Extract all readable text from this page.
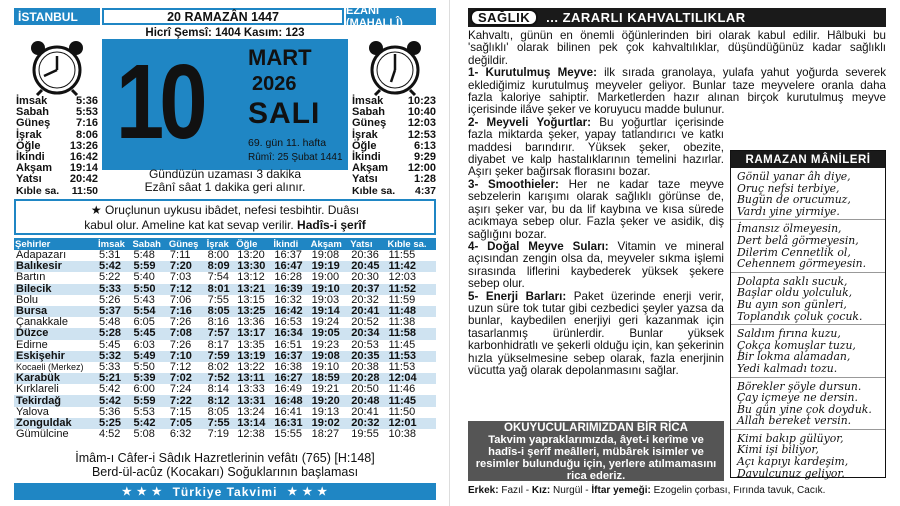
İSTANBUL	20 RAMAZÂN 1447	EZÂNÎ (MAHALLÎ)
Hicrî Şemsî: 1404 Kasım: 123
İmsak	5:36
Sabah 5:53
Güneş 7:16
İşrak	8:06
Öğle	13:26
İkindi 16:42
Akşam 19:14
Yatsı	20:42
Kıble sa. 11:50
İmsak 10:23
Sabah 10:40
Güneş 12:03
İşrak	12:53
Öğle	6:13
İkindi	9:29
Akşam 12:00
Yatsı	1:28
Kıble sa. 4:37
10	MART
2026
SALI
69. gün 11. hafta
Rûmî: 25 Şubat 1441
Gündüzün uzaması 3 dakika
Ezânî sâat 1 dakika geri alınır.
★ Oruçlunun uykusu ibâdet, nefesi tesbihtir. Duâsı
kabul olur. Ameline kat kat sevap verilir. Hadîs-i şerîf
Şehirler	İmsak	Sabah	Güneş	İşrak	Öğle	İkindi	Akşam	Yatsı	Kıble sa.
Adapazarı	5:31	5:48	7:11	8:00	13:20	16:37	19:08	20:36	11:55
Balıkesir	5:42	5:59	7:20	8:09	13:30	16:47	19:19	20:45	11:42
Bartın	5:22	5:40	7:03	7:54	13:12	16:28	19:00	20:30	12:03
Bilecik	5:33	5:50	7:12	8:01	13:21	16:39	19:10	20:37	11:52
Bolu	5:26	5:43	7:06	7:55	13:15	16:32	19:03	20:32	11:59
Bursa	5:37	5:54	7:16	8:05	13:25	16:42	19:14	20:41	11:48
Çanakkale	5:48	6:05	7:26	8:16	13:36	16:53	19:24	20:52	11:38
Düzce	5:28	5:45	7:08	7:57	13:17	16:34	19:05	20:34	11:58
Edirne	5:45	6:03	7:26	8:17	13:35	16:51	19:23	20:53	11:45
Eskişehir	5:32	5:49	7:10	7:59	13:19	16:37	19:08	20:35	11:53
Kocaeli (Merkez)	5:33	5:50	7:12	8:02	13:22	16:38	19:10	20:38	11:53
Karabük	5:21	5:39	7:02	7:52	13:11	16:27	18:59	20:28	12:04
Kırklareli	5:42	6:00	7:24	8:14	13:33	16:49	19:21	20:50	11:46
Tekirdağ	5:42	5:59	7:22	8:12	13:31	16:48	19:20	20:48	11:45
Yalova	5:36	5:53	7:15	8:05	13:24	16:41	19:13	20:41	11:50
Zonguldak	5:25	5:42	7:05	7:55	13:14	16:31	19:02	20:32	12:01
Gümülcine	4:52	5:08	6:32	7:19	12:38	15:55	18:27	19:55	10:38
İmâm-ı Câfer-i Sâdık Hazretlerinin vefâtı (765) [H:148]
Berd-ül-acûz (Kocakarı) Soğuklarının başlaması
★ ★ ★ Türkiye Takvimi ★ ★ ★
SAĞLIK	... ZARARLI KAHVALTILIKLAR

Kahvaltı, günün en önemli öğünlerinden biri olarak kabul edilir. Hâlbuki bu 'sağlıklı' olarak bilinen pek çok kahvaltılıklar, düşündüğünüz kadar sağlıklı değildir.

1- Kurutulmuş Meyve: ilk sırada granolaya, yulafa yahut yoğurda severek eklediğimiz kurutulmuş meyveler geliyor. Bunlar taze meyvelere oranla daha fazla kaloriye sahiptir. Marketlerden hazır alınan birçok kurutulmuş meyve içerisinde ilâve şeker ve koruyucu madde bulunur.

2- Meyveli Yoğurtlar: Bu yoğurtlar içerisinde fazla miktarda şeker, yapay tatlandırıcı ve katkı maddesi barındırır. Yüksek şeker, obezite, diyabet ve kalp hastalıklarının temelini hazırlar. Aşırı şeker bağırsak florasını bozar.

3- Smoothieler: Her ne kadar taze meyve sebzelerin karışımı olarak sağlıklı görünse de, aşırı şeker var, bu da lif kaybına ve kısa sürede acıkmaya sebep olur. Fazla şeker ve asidik, diş sağlığını bozar.

4- Doğal Meyve Suları: Vitamin ve mineral açısından zengin olsa da, meyveler sıkma işlemi sırasında liflerini kaybederek yüksek şekere sebep olur.

5- Enerji Barları: Paket üzerinde enerji verir, uzun süre tok tutar gibi cezbedici şeyler yazsa da bunlar, kaybedilen enerjiyi geri kazanmak için tasarlanmış ürünlerdir. Bunlar yüksek karbonhidratlı ve şekerli olduğu için, kan şekerinin hızla yükselmesine sebep olarak, fazla enerjinin vücutta yağ olarak depolanmasını sağlar.

RAMAZAN MÂNİLERİ
Gönül yanar âh diye,
Oruç nefsi terbiye,
Bugün de orucumuz,
Vardı yine yirmiye.
İmansız ölmeyesin,
Dert belâ görmeyesin,
Dilerim Cennetlik ol,
Cehennem görmeyesin.
Dolapta saklı sucuk,
Başlar oldu yolculuk,
Bu ayın son günleri,
Toplandık çoluk çocuk.
Saldım fırına kuzu,
Çokça komuşlar tuzu,
Bir lokma alamadan,
Yedi kalmadı tozu.
Börekler şöyle dursun.
Çay içmeye ne dersin.
Bu gün yine çok doyduk.
Allah bereket versin.
Kimi bakıp gülüyor,
Kimi işi biliyor,
Açı kapıyı kardeşim,
Davulcunuz geliyor.
OKUYUCULARIMIZDAN BİR RİCA
Takvim yapraklarımızda, âyet-i kerîme ve hadîs-i şerîf meâlleri, mübârek isimler ve resimler bulunduğu için, yerlere atılmamasını rica ederiz.
Erkek: Fazıl - Kız: Nurgül - İftar yemeği: Ezogelin çorbası, Fırında tavuk, Cacık.
